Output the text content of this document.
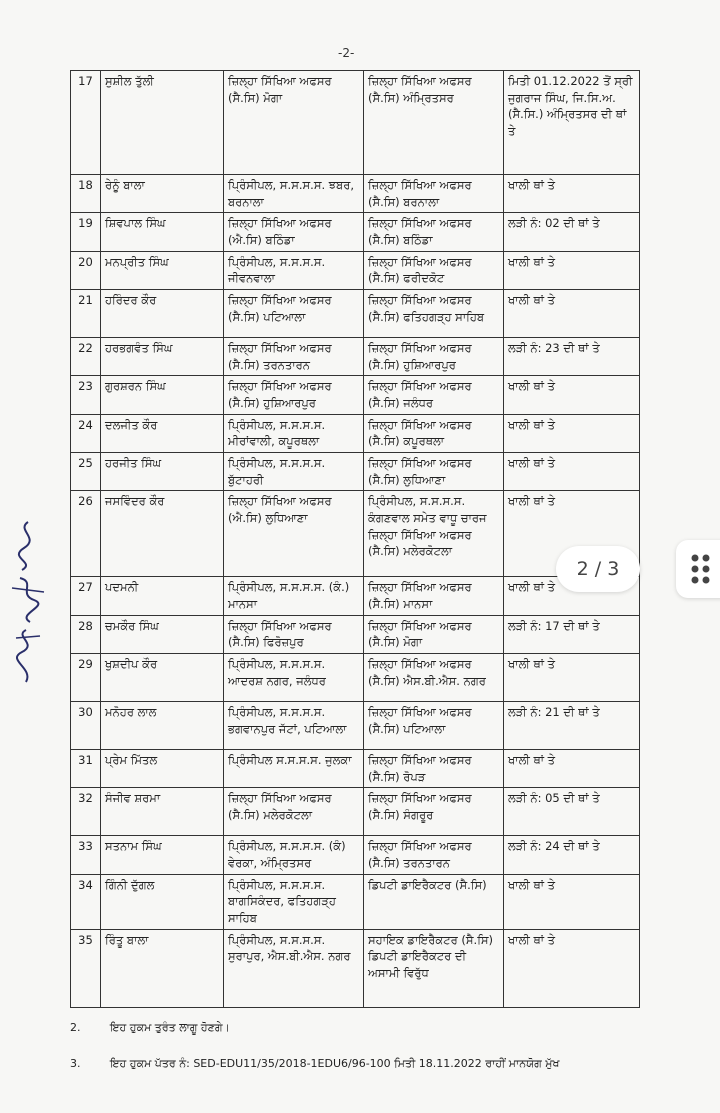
-2-
17	ਸੁਸ਼ੀਲ ਤੁੱਲੀ	ਜ਼ਿਲ੍ਹਾ ਸਿੱਖਿਆ ਅਫਸਰ (ਸੈ.ਸਿ) ਮੋਗਾ	ਜ਼ਿਲ੍ਹਾ ਸਿੱਖਿਆ ਅਫਸਰ (ਸੈ.ਸਿ) ਅੰਮ੍ਰਿਤਸਰ	ਮਿਤੀ 01.12.2022 ਤੋਂ ਸ੍ਰੀ ਜੁਗਰਾਜ ਸਿੰਘ, ਜਿ.ਸਿ.ਅ. (ਸੈ.ਸਿ.) ਅੰਮ੍ਰਿਤਸਰ ਦੀ ਥਾਂ ਤੇ
18	ਰੇਨੂੰ ਬਾਲਾ	ਪ੍ਰਿੰਸੀਪਲ, ਸ.ਸ.ਸ.ਸ. ਝਬਰ, ਬਰਨਾਲਾ	ਜ਼ਿਲ੍ਹਾ ਸਿੱਖਿਆ ਅਫਸਰ (ਸੈ.ਸਿ) ਬਰਨਾਲਾ	ਖਾਲੀ ਥਾਂ ਤੇ
19	ਸ਼ਿਵਪਾਲ ਸਿੰਘ	ਜ਼ਿਲ੍ਹਾ ਸਿੱਖਿਆ ਅਫਸਰ (ਐ.ਸਿ) ਬਠਿੰਡਾ	ਜ਼ਿਲ੍ਹਾ ਸਿੱਖਿਆ ਅਫਸਰ (ਸੈ.ਸਿ) ਬਠਿੰਡਾ	ਲੜੀ ਨੰ: 02 ਦੀ ਥਾਂ ਤੇ
20	ਮਨਪ੍ਰੀਤ ਸਿੰਘ	ਪ੍ਰਿੰਸੀਪਲ, ਸ.ਸ.ਸ.ਸ. ਜੀਵਨਵਾਲਾ	ਜ਼ਿਲ੍ਹਾ ਸਿੱਖਿਆ ਅਫਸਰ (ਸੈ.ਸਿ) ਫਰੀਦਕੋਟ	ਖਾਲੀ ਥਾਂ ਤੇ
21	ਹਰਿੰਦਰ ਕੌਰ	ਜ਼ਿਲ੍ਹਾ ਸਿੱਖਿਆ ਅਫਸਰ (ਸੈ.ਸਿ) ਪਟਿਆਲਾ	ਜ਼ਿਲ੍ਹਾ ਸਿੱਖਿਆ ਅਫਸਰ (ਸੈ.ਸਿ) ਫਤਿਹਗੜ੍ਹ ਸਾਹਿਬ	ਖਾਲੀ ਥਾਂ ਤੇ
22	ਹਰਭਗਵੰਤ ਸਿੰਘ	ਜ਼ਿਲ੍ਹਾ ਸਿੱਖਿਆ ਅਫਸਰ (ਸੈ.ਸਿ) ਤਰਨਤਾਰਨ	ਜ਼ਿਲ੍ਹਾ ਸਿੱਖਿਆ ਅਫਸਰ (ਸੈ.ਸਿ) ਹੁਸ਼ਿਆਰਪੁਰ	ਲੜੀ ਨੰ: 23 ਦੀ ਥਾਂ ਤੇ
23	ਗੁਰਸ਼ਰਨ ਸਿੰਘ	ਜ਼ਿਲ੍ਹਾ ਸਿੱਖਿਆ ਅਫਸਰ (ਸੈ.ਸਿ) ਹੁਸ਼ਿਆਰਪੁਰ	ਜ਼ਿਲ੍ਹਾ ਸਿੱਖਿਆ ਅਫਸਰ (ਸੈ.ਸਿ) ਜਲੰਧਰ	ਖਾਲੀ ਥਾਂ ਤੇ
24	ਦਲਜੀਤ ਕੌਰ	ਪ੍ਰਿੰਸੀਪਲ, ਸ.ਸ.ਸ.ਸ. ਮੀਰਾਂਵਾਲੀ, ਕਪੂਰਥਲਾ	ਜ਼ਿਲ੍ਹਾ ਸਿੱਖਿਆ ਅਫਸਰ (ਸੈ.ਸਿ) ਕਪੂਰਥਲਾ	ਖਾਲੀ ਥਾਂ ਤੇ
25	ਹਰਜੀਤ ਸਿੰਘ	ਪ੍ਰਿੰਸੀਪਲ, ਸ.ਸ.ਸ.ਸ. ਬੁੱਟਾਹਰੀ	ਜ਼ਿਲ੍ਹਾ ਸਿੱਖਿਆ ਅਫਸਰ (ਸੈ.ਸਿ) ਲੁਧਿਆਣਾ	ਖਾਲੀ ਥਾਂ ਤੇ
26	ਜਸਵਿੰਦਰ ਕੌਰ	ਜ਼ਿਲ੍ਹਾ ਸਿੱਖਿਆ ਅਫਸਰ (ਐ.ਸਿ) ਲੁਧਿਆਣਾ	ਪ੍ਰਿੰਸੀਪਲ, ਸ.ਸ.ਸ.ਸ. ਕੰਗਣਵਾਲ ਸਮੇਤ ਵਾਧੂ ਚਾਰਜ ਜ਼ਿਲ੍ਹਾ ਸਿੱਖਿਆ ਅਫਸਰ (ਸੈ.ਸਿ) ਮਲੇਰਕੋਟਲਾ	ਖਾਲੀ ਥਾਂ ਤੇ
27	ਪਦਮਨੀ	ਪ੍ਰਿੰਸੀਪਲ, ਸ.ਸ.ਸ.ਸ. (ਕੰ.) ਮਾਨਸਾ	ਜ਼ਿਲ੍ਹਾ ਸਿੱਖਿਆ ਅਫਸਰ (ਸੈ.ਸਿ) ਮਾਨਸਾ	ਖਾਲੀ ਥਾਂ ਤੇ
28	ਚਮਕੌਰ ਸਿੰਘ	ਜ਼ਿਲ੍ਹਾ ਸਿੱਖਿਆ ਅਫਸਰ (ਸੈ.ਸਿ) ਫਿਰੋਜ਼ਪੁਰ	ਜ਼ਿਲ੍ਹਾ ਸਿੱਖਿਆ ਅਫਸਰ (ਸੈ.ਸਿ) ਮੋਗਾ	ਲੜੀ ਨੰ: 17 ਦੀ ਥਾਂ ਤੇ
29	ਖੁਸ਼ਦੀਪ ਕੌਰ	ਪ੍ਰਿੰਸੀਪਲ, ਸ.ਸ.ਸ.ਸ. ਆਦਰਸ਼ ਨਗਰ, ਜਲੰਧਰ	ਜ਼ਿਲ੍ਹਾ ਸਿੱਖਿਆ ਅਫਸਰ (ਸੈ.ਸਿ) ਐਸ.ਬੀ.ਐਸ. ਨਗਰ	ਖਾਲੀ ਥਾਂ ਤੇ
30	ਮਨੋਹਰ ਲਾਲ	ਪ੍ਰਿੰਸੀਪਲ, ਸ.ਸ.ਸ.ਸ. ਭਗਵਾਨਪੁਰ ਜੱਟਾਂ, ਪਟਿਆਲਾ	ਜ਼ਿਲ੍ਹਾ ਸਿੱਖਿਆ ਅਫਸਰ (ਸੈ.ਸਿ) ਪਟਿਆਲਾ	ਲੜੀ ਨੰ: 21 ਦੀ ਥਾਂ ਤੇ
31	ਪ੍ਰੇਮ ਮਿੱਤਲ	ਪ੍ਰਿੰਸੀਪਲ ਸ.ਸ.ਸ.ਸ. ਜੁਲਕਾ	ਜ਼ਿਲ੍ਹਾ ਸਿੱਖਿਆ ਅਫਸਰ (ਸੈ.ਸਿ) ਰੋਪੜ	ਖਾਲੀ ਥਾਂ ਤੇ
32	ਸੰਜੀਵ ਸ਼ਰਮਾ	ਜ਼ਿਲ੍ਹਾ ਸਿੱਖਿਆ ਅਫਸਰ (ਸੈ.ਸਿ) ਮਲੇਰਕੋਟਲਾ	ਜ਼ਿਲ੍ਹਾ ਸਿੱਖਿਆ ਅਫਸਰ (ਸੈ.ਸਿ) ਸੰਗਰੂਰ	ਲੜੀ ਨੰ: 05 ਦੀ ਥਾਂ ਤੇ
33	ਸਤਨਾਮ ਸਿੰਘ	ਪ੍ਰਿੰਸੀਪਲ, ਸ.ਸ.ਸ.ਸ. (ਕੰ) ਵੇਰਕਾ, ਅੰਮ੍ਰਿਤਸਰ	ਜ਼ਿਲ੍ਹਾ ਸਿੱਖਿਆ ਅਫਸਰ (ਸੈ.ਸਿ) ਤਰਨਤਾਰਨ	ਲੜੀ ਨੰ: 24 ਦੀ ਥਾਂ ਤੇ
34	ਗਿੰਨੀ ਦੁੱਗਲ	ਪ੍ਰਿੰਸੀਪਲ, ਸ.ਸ.ਸ.ਸ. ਬਾਗਸਿਕੰਦਰ, ਫਤਿਹਗੜ੍ਹ ਸਾਹਿਬ	ਡਿਪਟੀ ਡਾਇਰੈਕਟਰ (ਸੈ.ਸਿ)	ਖਾਲੀ ਥਾਂ ਤੇ
35	ਰਿੰਤੂ ਬਾਲਾ	ਪ੍ਰਿੰਸੀਪਲ, ਸ.ਸ.ਸ.ਸ. ਸੁਰਾਪੁਰ, ਐਸ.ਬੀ.ਐਸ. ਨਗਰ	ਸਹਾਇਕ ਡਾਇਰੈਕਟਰ (ਸੈ.ਸਿ) ਡਿਪਟੀ ਡਾਇਰੈਕਟਰ ਦੀ ਅਸਾਮੀ ਵਿਰੁੱਧ	ਖਾਲੀ ਥਾਂ ਤੇ
2.	ਇਹ ਹੁਕਮ ਤੁਰੰਤ ਲਾਗੂ ਹੋਣਗੇ।
3.	ਇਹ ਹੁਕਮ ਪੱਤਰ ਨੰ: SED-EDU11/35/2018-1EDU6/96-100 ਮਿਤੀ 18.11.2022 ਰਾਹੀਂ ਮਾਨਯੋਗ ਮੁੱਖ
2 / 3
